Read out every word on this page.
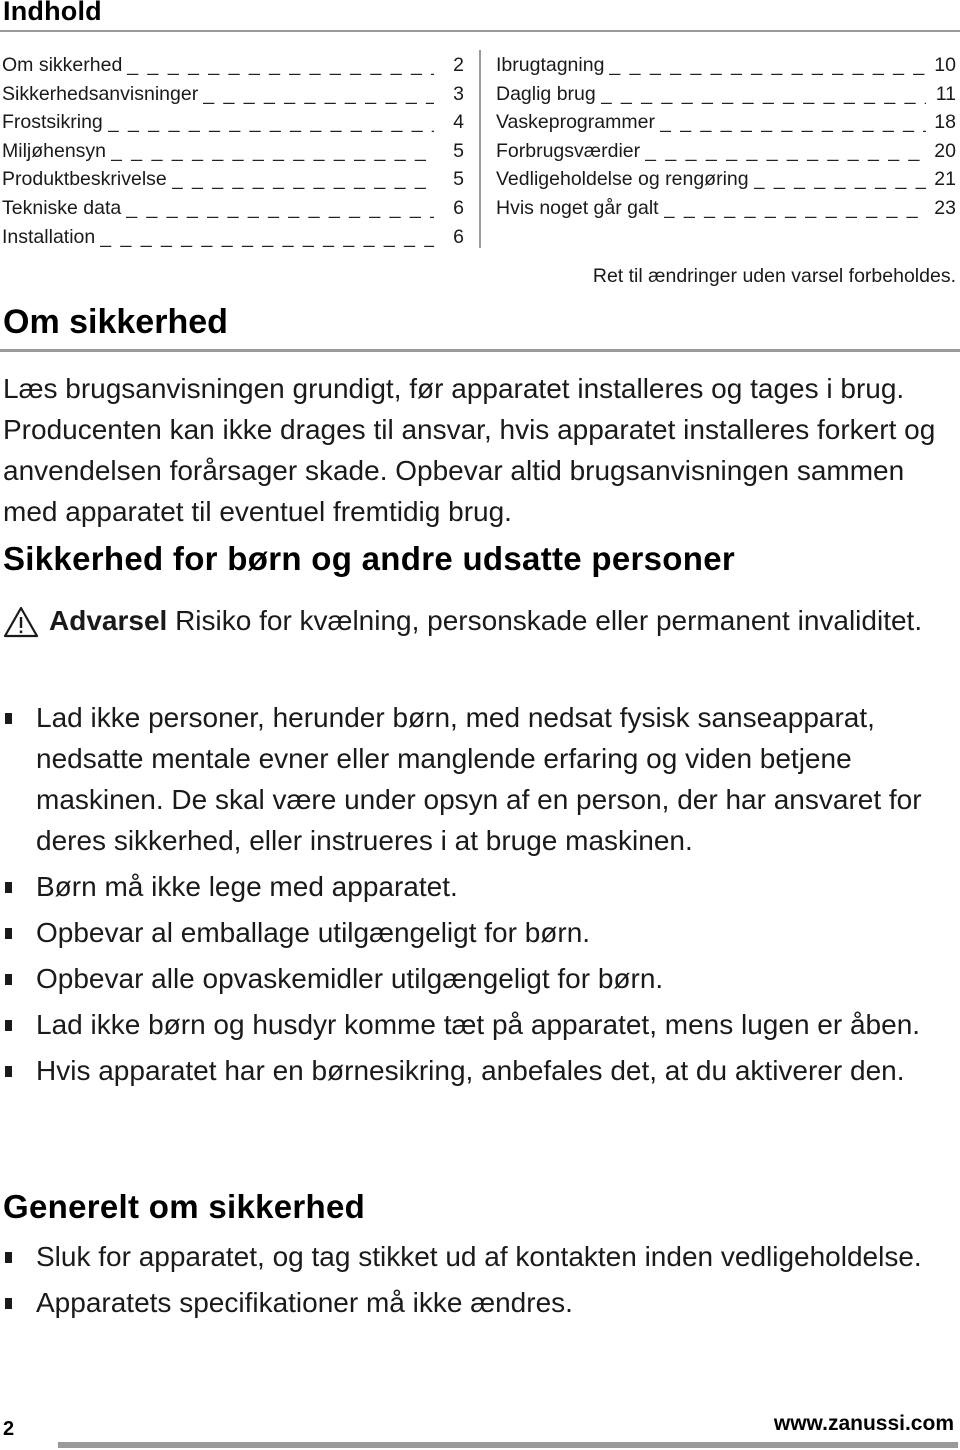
Indhold
Om sikkerhed _ _ _	2
Sikkerhedsanvisninger _ _ _	3
Frostsikring _ _ _	4
Miljøhensyn _ _ _	5
Produktbeskrivelse _ _ _	5
Tekniske data _ _ _	6
Installation _ _ _	6
Ibrugtagning _ _ _	10
Daglig brug _ _ _	11
Vaskeprogrammer _ _ _	18
Forbrugsværdier _ _ _	20
Vedligeholdelse og rengøring _ _ _	21
Hvis noget går galt _ _ _	23
Ret til ændringer uden varsel forbeholdes.
Om sikkerhed

Læs brugsanvisningen grundigt, før apparatet installeres og tages i brug. Producenten kan ikke drages til ansvar, hvis apparatet installeres forkert og anvendelsen forårsager skade. Opbevar altid brugsanvisningen sammen med apparatet til eventuel fremtidig brug.

Sikkerhed for børn og andre udsatte personer

Advarsel Risiko for kvælning, personskade eller permanent invaliditet.

Lad ikke personer, herunder børn, med nedsat fysisk sanseapparat, nedsatte mentale evner eller manglende erfaring og viden betjene maskinen. De skal være under opsyn af en person, der har ansvaret for deres sikkerhed, eller instrueres i at bruge maskinen.
Børn må ikke lege med apparatet.
Opbevar al emballage utilgængeligt for børn.
Opbevar alle opvaskemidler utilgængeligt for børn.
Lad ikke børn og husdyr komme tæt på apparatet, mens lugen er åben.
Hvis apparatet har en børnesikring, anbefales det, at du aktiverer den.
Generelt om sikkerhed
Sluk for apparatet, og tag stikket ud af kontakten inden vedligeholdelse.
Apparatets specifikationer må ikke ændres.
2	www.zanussi.com
